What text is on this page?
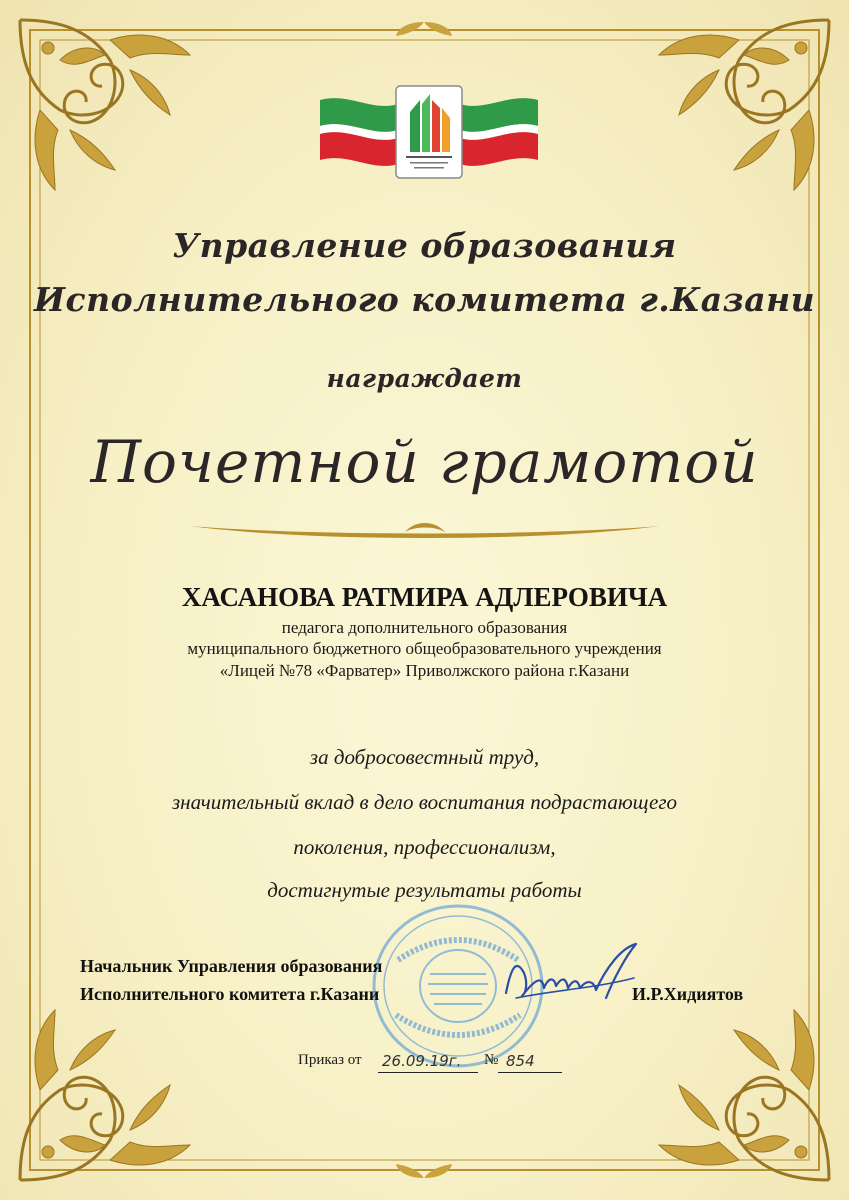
Управление образования
Исполнительного комитета г.Казани
награждает
Почетной грамотой
ХАСАНОВА РАТМИРА АДЛЕРОВИЧА
педагога дополнительного образования
муниципального бюджетного общеобразовательного учреждения
«Лицей №78 «Фарватер» Приволжского района г.Казани
за добросовестный труд,
значительный вклад в дело воспитания подрастающего
поколения, профессионализм,
достигнутые результаты работы
Начальник Управления образования
Исполнительного комитета г.Казани	И.Р.Хидиятов
Приказ от 26.09.19г. № 854
